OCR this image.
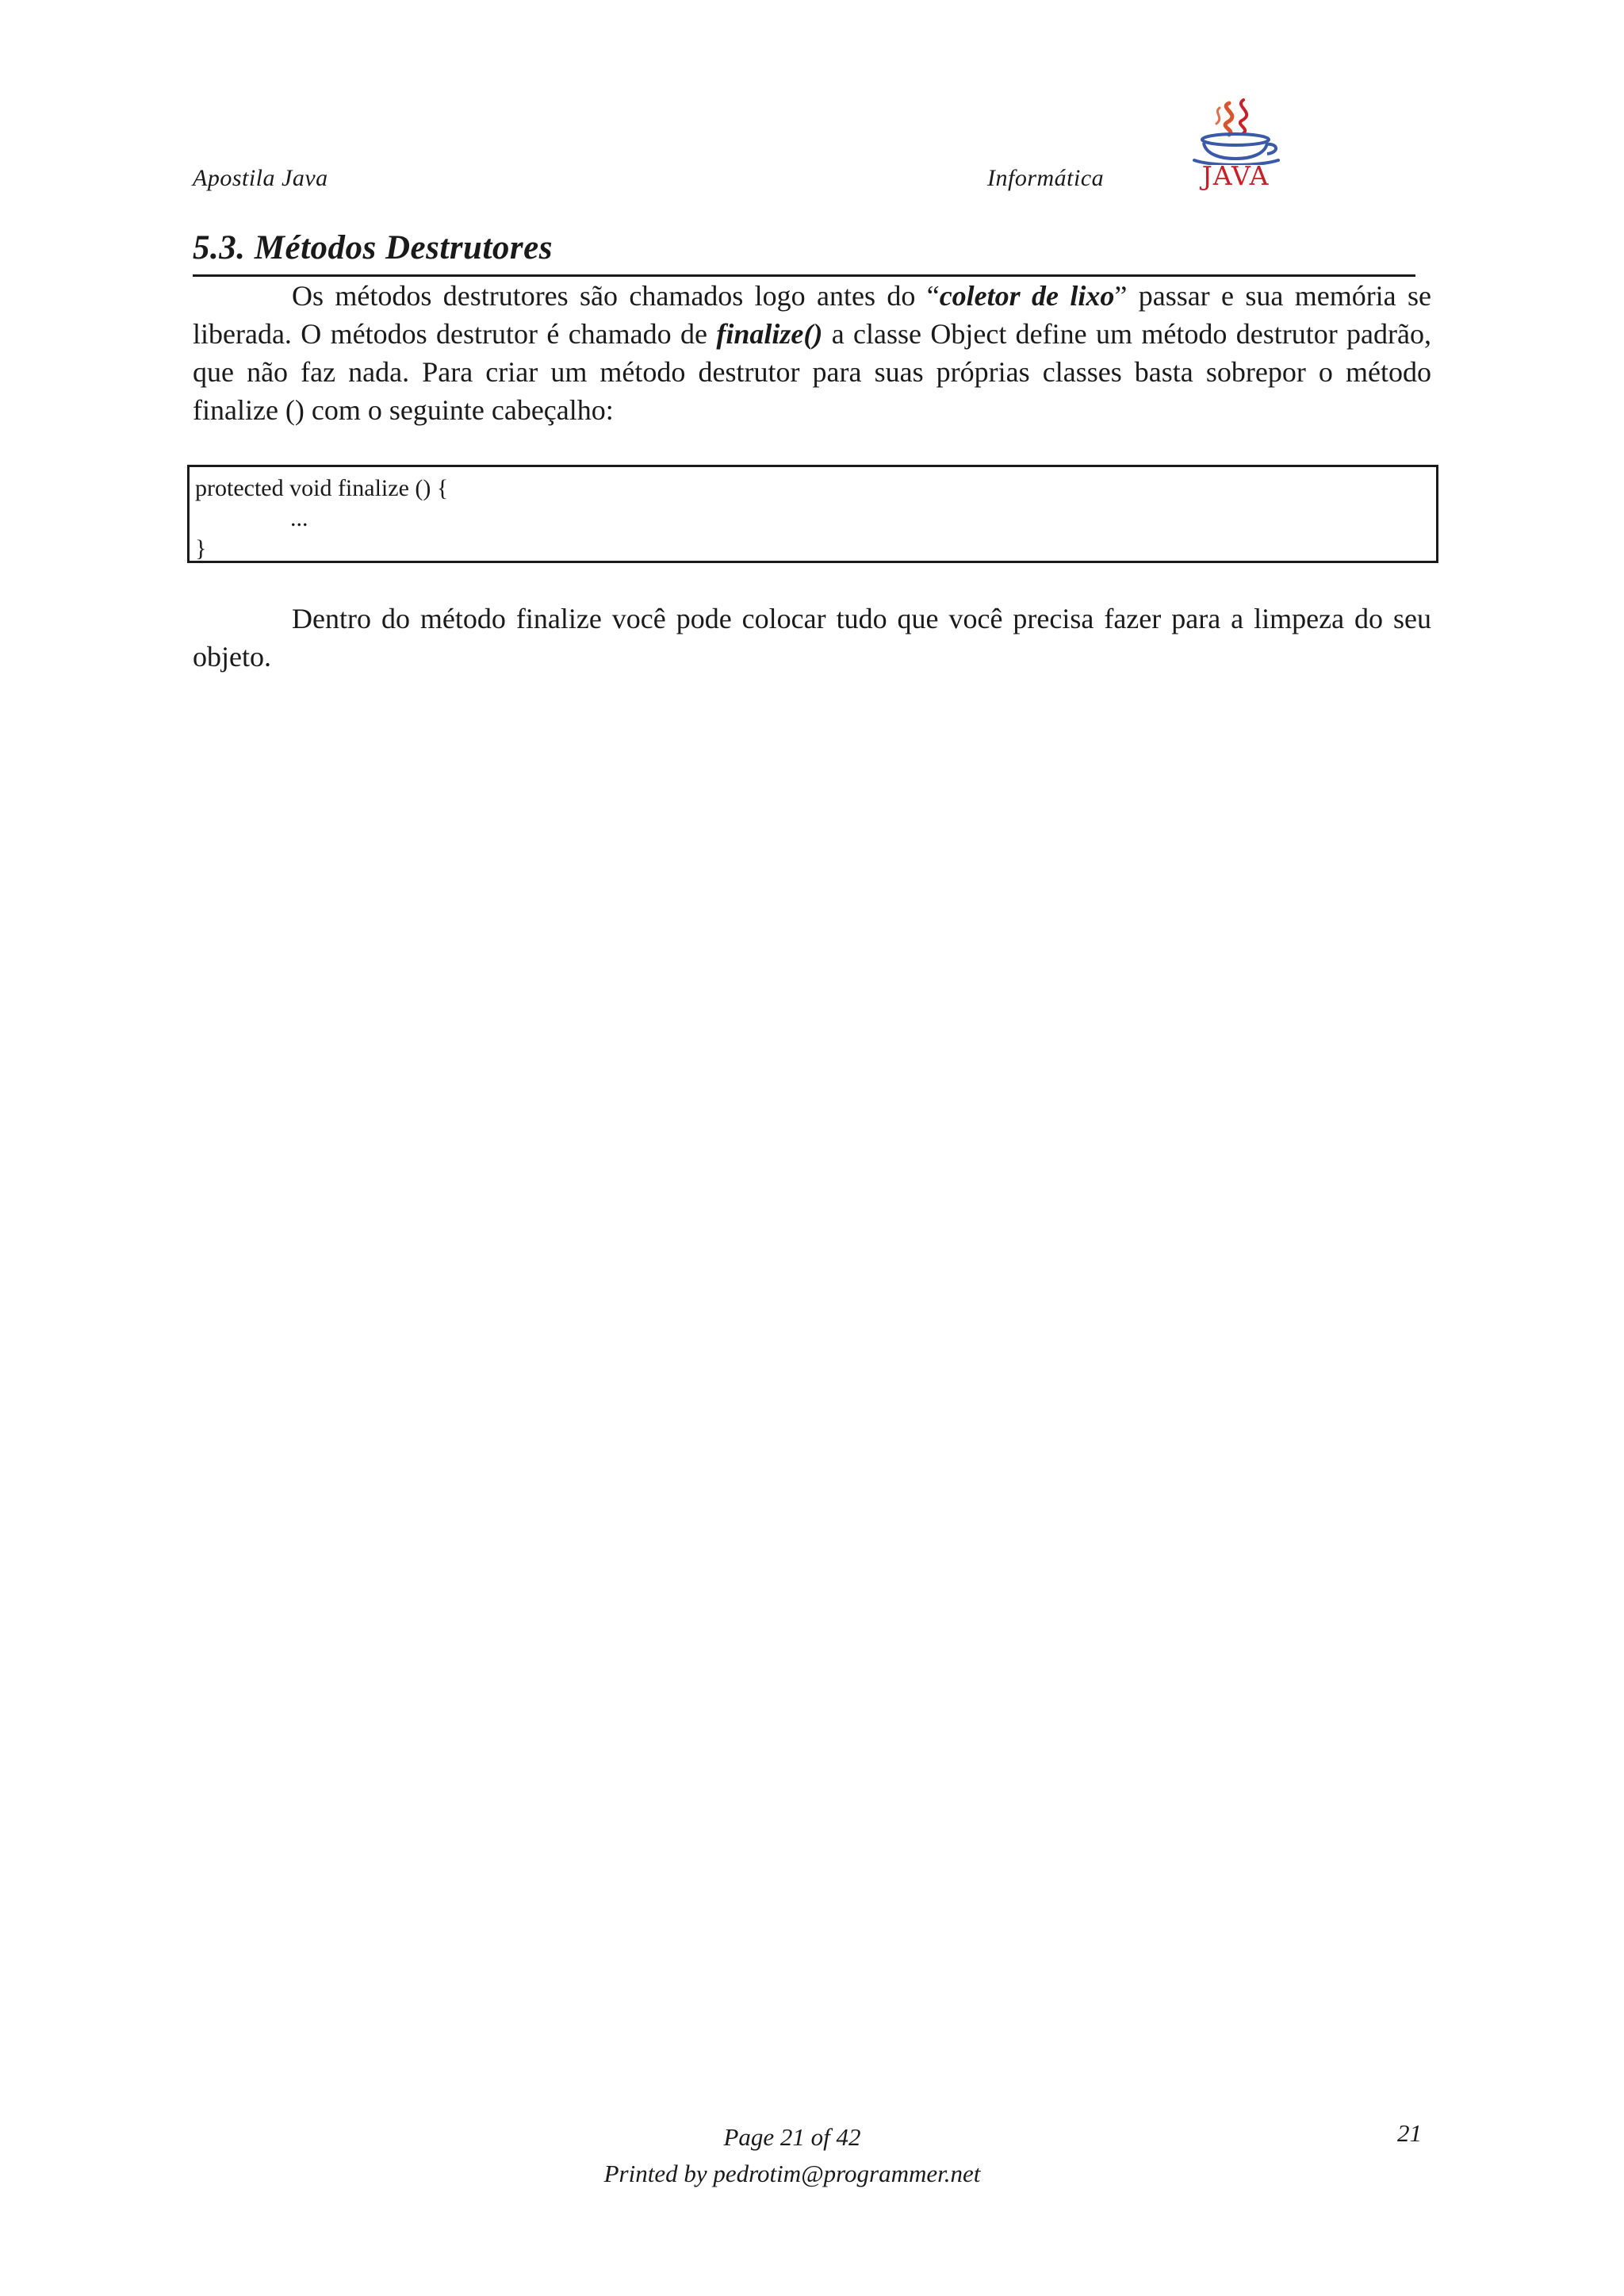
Apostila Java	Informática	JAVA
5.3. Métodos Destrutores

Os métodos destrutores são chamados logo antes do “coletor de lixo” passar e sua memória se liberada. O métodos destrutor é chamado de finalize() a classe Object define um método destrutor padrão, que não faz nada. Para criar um método destrutor para suas próprias classes basta sobrepor o método finalize () com o seguinte cabeçalho:

protected void finalize () {
...
}

Dentro do método finalize você pode colocar tudo que você precisa fazer para a limpeza do seu objeto.

Page 21 of 42
Printed by pedrotim@programmer.net
21
